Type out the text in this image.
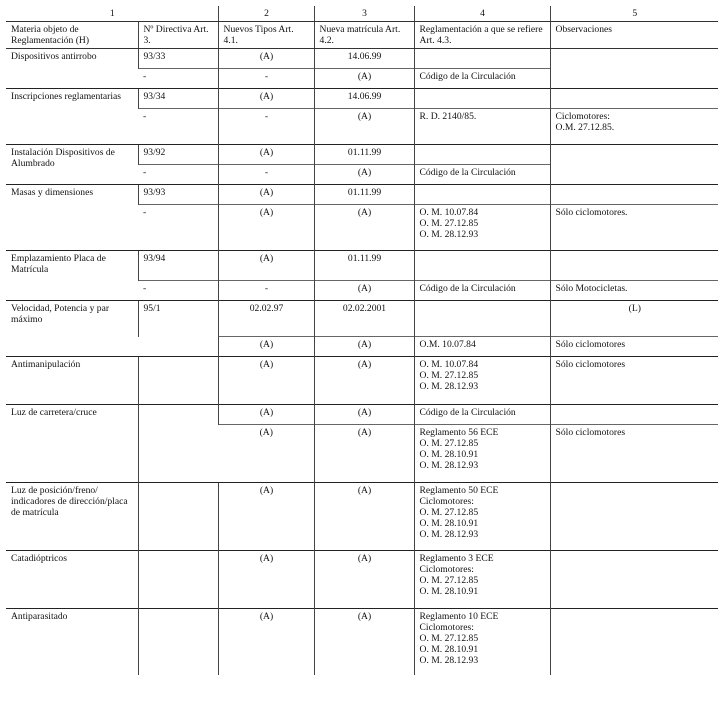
1		2	3	4	5
Materia objeto de Reglamentación (H)	Nº Directiva Art. 3.	Nuevos Tipos Art. 4.1.	Nueva matrícula Art. 4.2.	Reglamentación a que se refiere Art. 4.3.	Observaciones
Dispositivos antirrobo	93/33	(A)	14.06.99		
	-	-	(A)	Código de la Circulación	
Inscripciones reglamentarias	93/34	(A)	14.06.99		
	-	-	(A)	R. D. 2140/85.	Ciclomotores:
O.M. 27.12.85.

Instalación Dispositivos de Alumbrado	93/92	(A)	01.11.99		
	-	-	(A)	Código de la Circulación	
Masas y dimensiones	93/93	(A)	01.11.99		
	-	(A)	(A)	O. M. 10.07.84
O. M. 27.12.85
O. M. 28.12.93	Sólo ciclomotores.
Emplazamiento Placa de Matrícula	93/94	(A)	01.11.99		
	-	-	(A)	Código de la Circulación	Sólo Motocicletas.
Velocidad, Potencia y par máximo	95/1	02.02.97	02.02.2001		(L)
		(A)	(A)	O.M. 10.07.84	Sólo ciclomotores
Antimanipulación		(A)	(A)	O. M. 10.07.84
O. M. 27.12.85
O. M. 28.12.93	Sólo ciclomotores
Luz de carretera/cruce		(A)	(A)	Código de la Circulación	
		(A)	(A)	Reglamento 56 ECE
O. M. 27.12.85
O. M. 28.10.91
O. M. 28.12.93	Sólo ciclomotores
Luz de posición/freno/ indicadores de dirección/placa de matrícula		(A)	(A)	Reglamento 50 ECE
Ciclomotores:
O. M. 27.12.85
O. M. 28.10.91
O. M. 28.12.93	

Catadióptricos		(A)	(A)	Reglamento 3 ECE
Ciclomotores:
O. M. 27.12.85
O. M. 28.10.91	

Antiparasitado		(A)	(A)	Reglamento 10 ECE
Ciclomotores:
O. M. 27.12.85
O. M. 28.10.91
O. M. 28.12.93	
